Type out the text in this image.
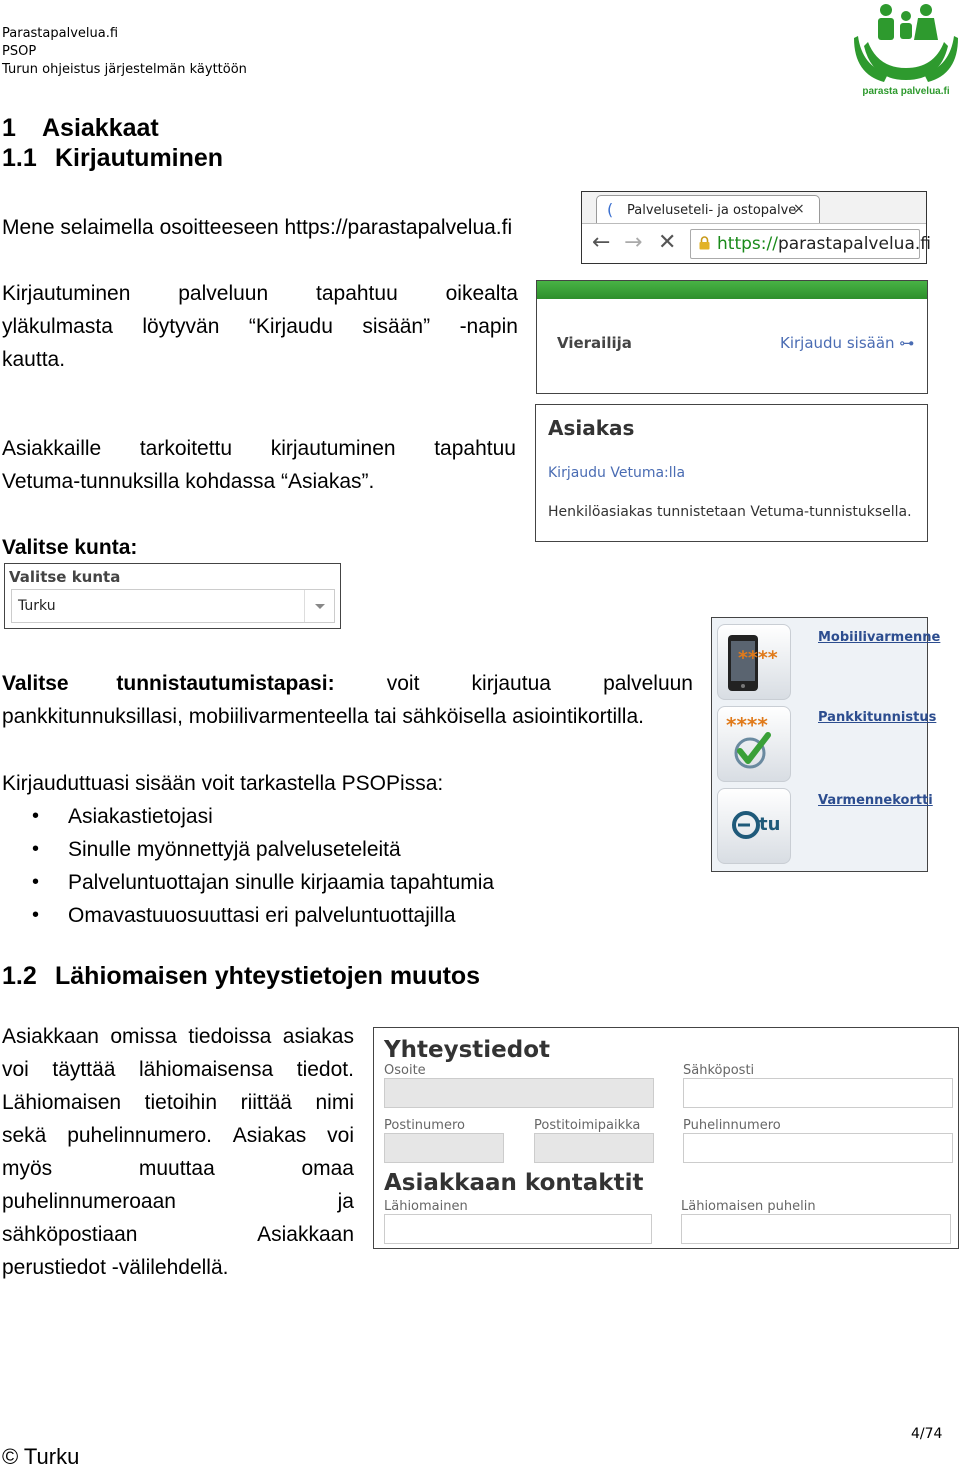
Parastapalvelua.fi
PSOP
Turun ohjeistus järjestelmän käyttöön
parasta palvelua.fi
1 Asiakkaat
1.1 Kirjautuminen
Mene selaimella osoitteeseen https://parastapalvelua.fi
Kirjautuminen palveluun tapahtuu oikealta
yläkulmasta löytyvän “Kirjaudu sisään” -napin
kautta.
Asiakkaille tarkoitettu kirjautuminen tapahtuu
Vetuma-tunnuksilla kohdassa “Asiakas”.
Valitse kunta:
Valitse tunnistautumistapasi: voit kirjautua palveluun
pankkitunnuksillasi, mobiilivarmenteella tai sähköisella asiointikortilla.
Kirjauduttuasi sisään voit tarkastella PSOPissa:
• Asiakastietojasi
• Sinulle myönnettyjä palveluseteleitä
• Palveluntuottajan sinulle kirjaamia tapahtumia
• Omavastuuosuuttasi eri palveluntuottajilla
1.2 Lähiomaisen yhteystietojen muutos
Asiakkaan omissa tiedoissa asiakas
voi täyttää lähiomaisensa tiedot.
Lähiomaisen tietoihin riittää nimi
sekä puhelinnumero. Asiakas voi
myös	muuttaa	omaa
puhelinnumeroaan	ja
sähköpostiaan	Asiakkaan
perustiedot -välilehdellä.
( Palveluseteli- ja ostopalve
×
← → ✕ https://parastapalvelua.fi
Vierailija	Kirjaudu sisään ⊶
Asiakas
Kirjaudu Vetuma:lla
Henkilöasiakas tunnistetaan Vetuma-tunnistuksella.
Valitse kunta
Turku
****
Mobiilivarmenne
****	Pankkitunnistus
tu
Varmennekortti
Yhteystiedot
Osoite	Sähköposti
Postinumero	Postitoimipaikka	Puhelinnumero
Asiakkaan kontaktit
Lähiomainen	Lähiomaisen puhelin
© Turku
4/74
